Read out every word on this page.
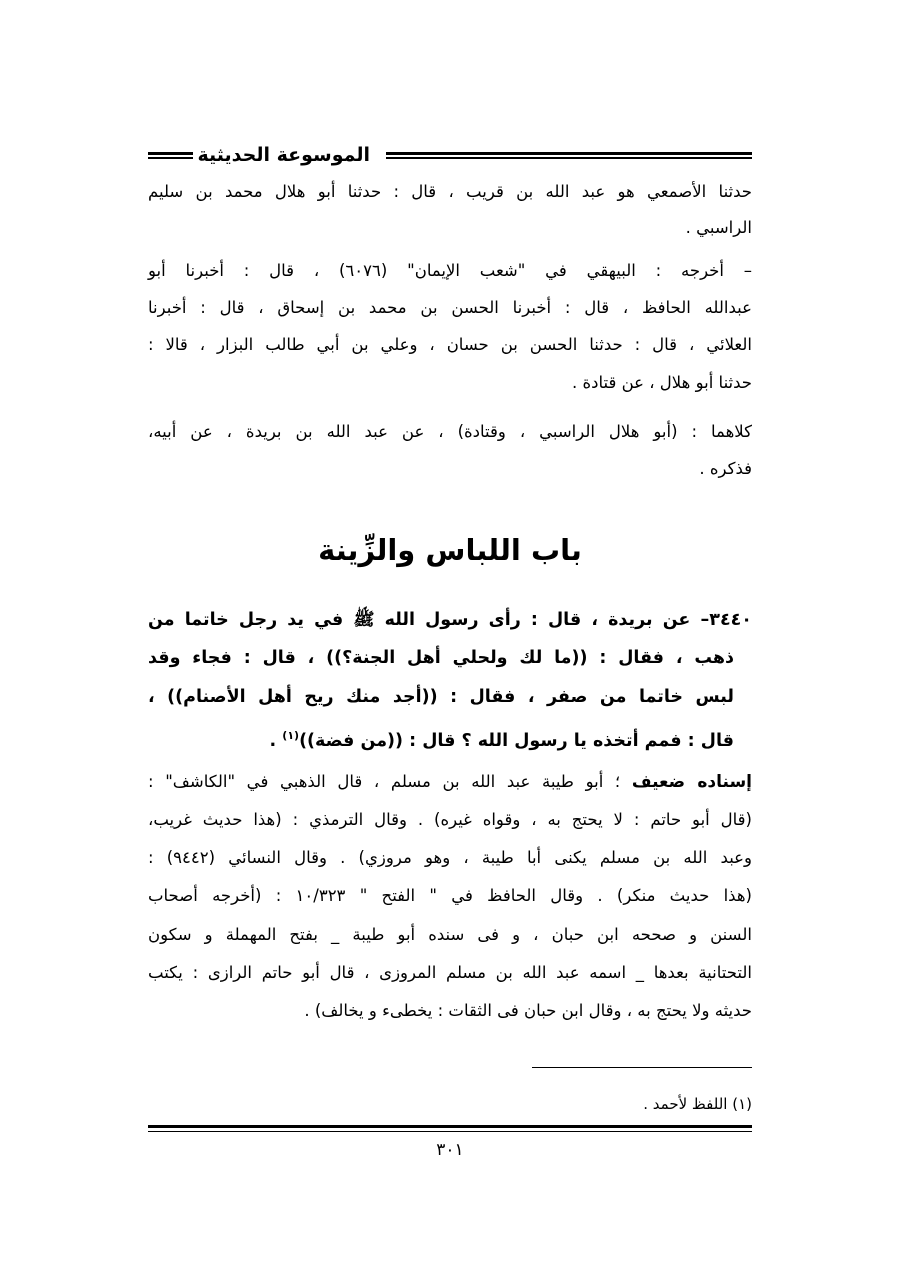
الموسوعة الحديثية
حدثنا الأصمعي هو عبد الله بن قريب ، قال : حدثنا أبو هلال محمد بن سليم
الراسبي .
– أخرجه : البيهقي في "شعب الإيمان" (٦٠٧٦) ، قال : أخبرنا أبو
عبدالله الحافظ ، قال : أخبرنا الحسن بن محمد بن إسحاق ، قال : أخبرنا
العلائي ، قال : حدثنا الحسن بن حسان ، وعلي بن أبي طالب البزار ، قالا :
حدثنا أبو هلال ، عن قتادة .
كلاهما : (أبو هلال الراسبي ، وقتادة) ، عن عبد الله بن بريدة ، عن أبيه،
فذكره .
باب اللباس والزِّينة
٣٤٤٠– عن بريدة ، قال : رأى رسول الله ﷺ في يد رجل خاتما من
ذهب ، فقال : ((ما لك ولحلي أهل الجنة؟)) ، قال : فجاء وقد
لبس خاتما من صفر ، فقال : ((أجد منك ريح أهل الأصنام)) ،
قال : فمم أتخذه يا رسول الله ؟ قال : ((من فضة))$^{(١)}$ .
إسناده ضعيف ؛ أبو طيبة عبد الله بن مسلم ، قال الذهبي في "الكاشف" :
(قال أبو حاتم : لا يحتج به ، وقواه غيره) . وقال الترمذي : (هذا حديث غريب،
وعبد الله بن مسلم يكنى أبا طيبة ، وهو مروزي) . وقال النسائي (٩٤٤٢) :
(هذا حديث منكر) . وقال الحافظ في " الفتح " ١٠/٣٢٣ : (أخرجه أصحاب
السنن و صححه ابن حبان ، و فى سنده أبو طيبة _ بفتح المهملة و سكون
التحتانية بعدها _ اسمه عبد الله بن مسلم المروزى ، قال أبو حاتم الرازى : يكتب
حديثه ولا يحتج به ، وقال ابن حبان فى الثقات : يخطىء و يخالف) .
(١) اللفظ لأحمد .
٣٠١
